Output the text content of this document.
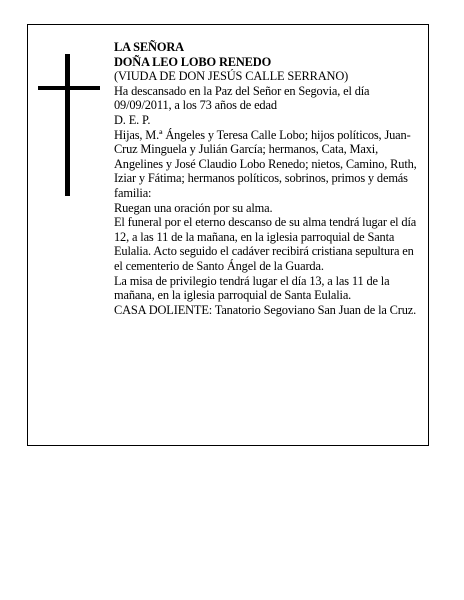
LA SEÑORA

DOÑA LEO LOBO RENEDO

(VIUDA DE DON JESÚS CALLE SERRANO)

Ha descansado en la Paz del Señor en Segovia, el día 09/09/2011, a los 73 años de edad

D. E. P.

Hijas, M.ª Ángeles y Teresa Calle Lobo; hijos políticos, Juan-Cruz Minguela y Julián García; hermanos, Cata, Maxi, Angelines y José Claudio Lobo Renedo; nietos, Camino, Ruth, Iziar y Fátima; hermanos políticos, sobrinos, primos y demás familia:

Ruegan una oración por su alma.

El funeral por el eterno descanso de su alma tendrá lugar el día 12, a las 11 de la mañana, en la iglesia parroquial de Santa Eulalia. Acto seguido el cadáver recibirá cristiana sepultura en el cementerio de Santo Ángel de la Guarda.

La misa de privilegio tendrá lugar el día 13, a las 11 de la mañana, en la iglesia parroquial de Santa Eulalia.

CASA DOLIENTE: Tanatorio Segoviano San Juan de la Cruz.
